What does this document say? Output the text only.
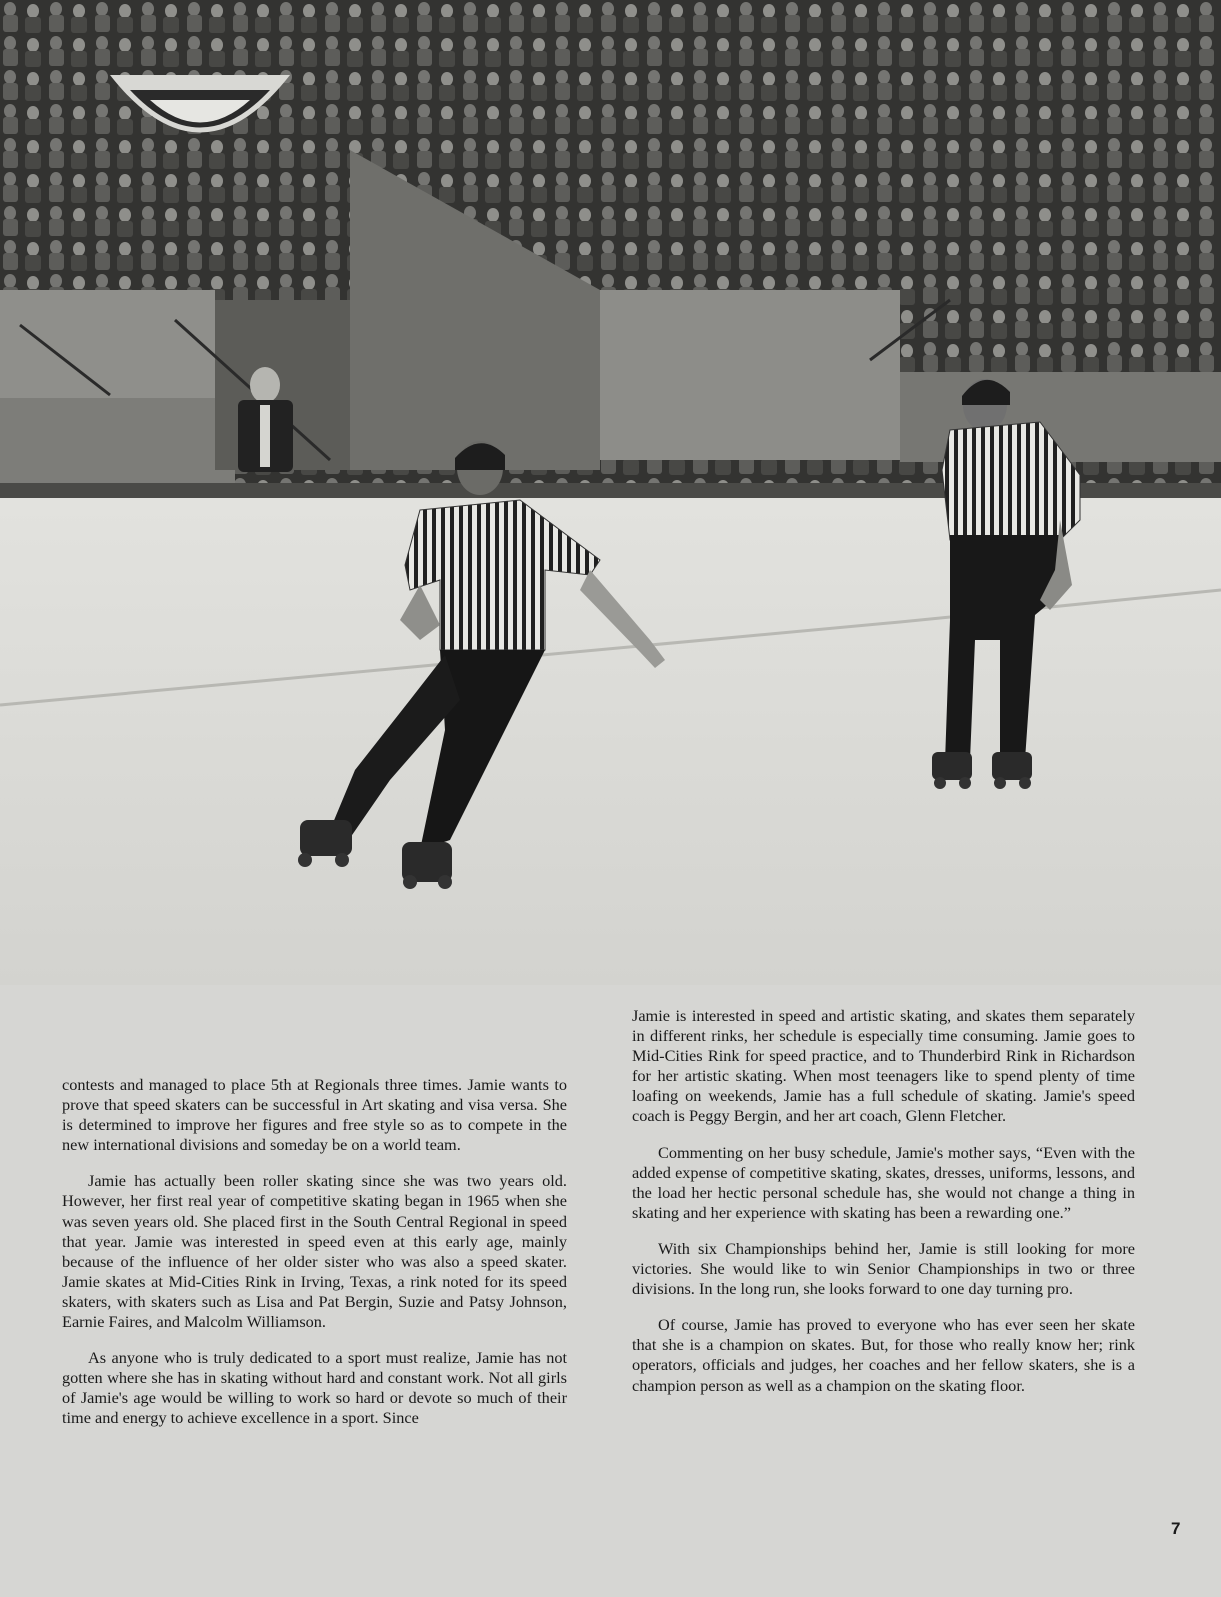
contests and managed to place 5th at Regionals three times. Jamie wants to prove that speed skaters can be successful in Art skating and visa versa. She is determined to improve her figures and free style so as to compete in the new international divisions and someday be on a world team.

Jamie has actually been roller skating since she was two years old. However, her first real year of competitive skating began in 1965 when she was seven years old. She placed first in the South Central Regional in speed that year. Jamie was interested in speed even at this early age, mainly because of the influence of her older sister who was also a speed skater. Jamie skates at Mid-Cities Rink in Irving, Texas, a rink noted for its speed skaters, with skaters such as Lisa and Pat Bergin, Suzie and Patsy Johnson, Earnie Faires, and Malcolm Williamson.

As anyone who is truly dedicated to a sport must realize, Jamie has not gotten where she has in skating without hard and constant work. Not all girls of Jamie's age would be willing to work so hard or devote so much of their time and energy to achieve excellence in a sport. Since

Jamie is interested in speed and artistic skating, and skates them separately in different rinks, her schedule is especially time consuming. Jamie goes to Mid-Cities Rink for speed practice, and to Thunderbird Rink in Richardson for her artistic skating. When most teenagers like to spend plenty of time loafing on weekends, Jamie has a full schedule of skating. Jamie's speed coach is Peggy Bergin, and her art coach, Glenn Fletcher.

Commenting on her busy schedule, Jamie's mother says, “Even with the added expense of competitive skating, skates, dresses, uniforms, lessons, and the load her hectic personal schedule has, she would not change a thing in skating and her experience with skating has been a rewarding one.”

With six Championships behind her, Jamie is still looking for more victories. She would like to win Senior Championships in two or three divisions. In the long run, she looks forward to one day turning pro.

Of course, Jamie has proved to everyone who has ever seen her skate that she is a champion on skates. But, for those who really know her; rink operators, officials and judges, her coaches and her fellow skaters, she is a champion person as well as a champion on the skating floor.

7
